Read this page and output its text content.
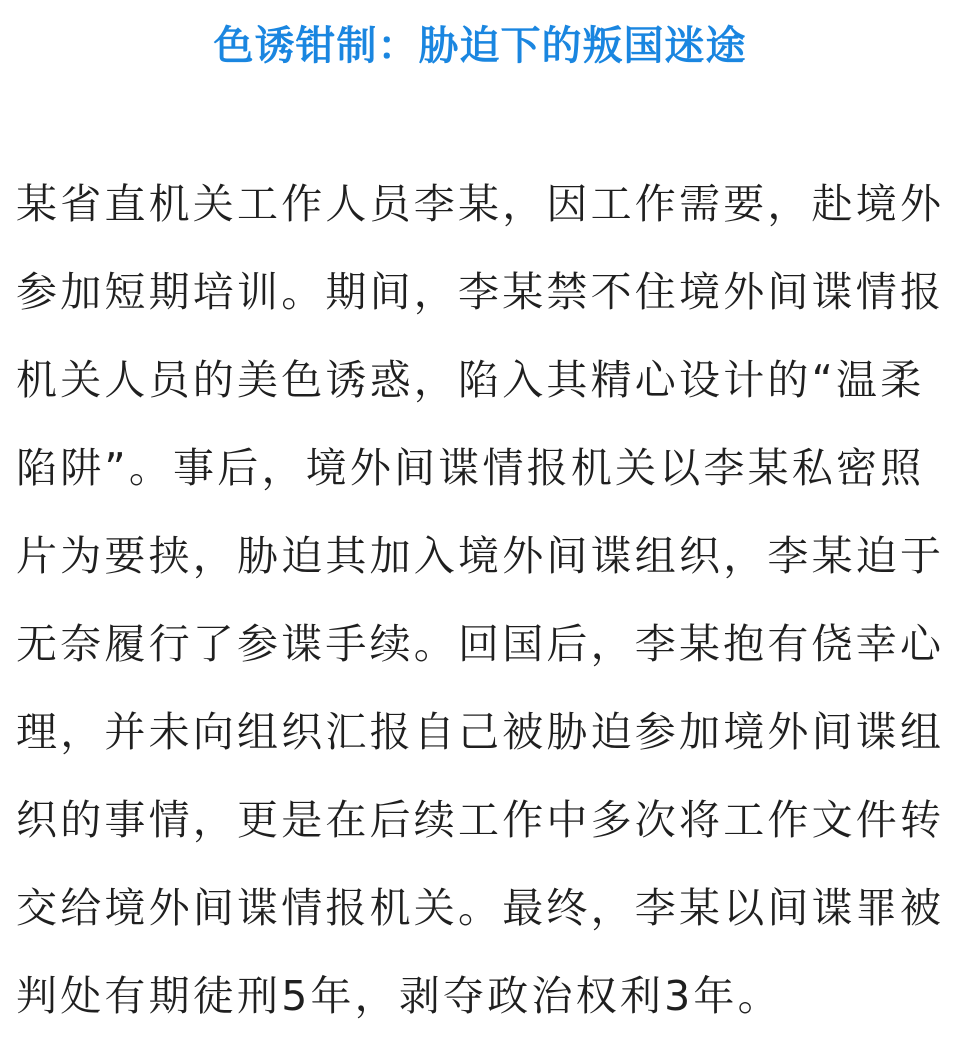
色诱钳制：胁迫下的叛国迷途
某省直机关工作人员李某，因工作需要，赴境外
参加短期培训。期间，李某禁不住境外间谍情报
机关人员的美色诱惑，陷入其精心设计的“温柔
陷阱”。事后，境外间谍情报机关以李某私密照
片为要挟，胁迫其加入境外间谍组织，李某迫于
无奈履行了参谍手续。回国后，李某抱有侥幸心
理，并未向组织汇报自己被胁迫参加境外间谍组
织的事情，更是在后续工作中多次将工作文件转
交给境外间谍情报机关。最终，李某以间谍罪被
判处有期徒刑5年，剥夺政治权利3年。
